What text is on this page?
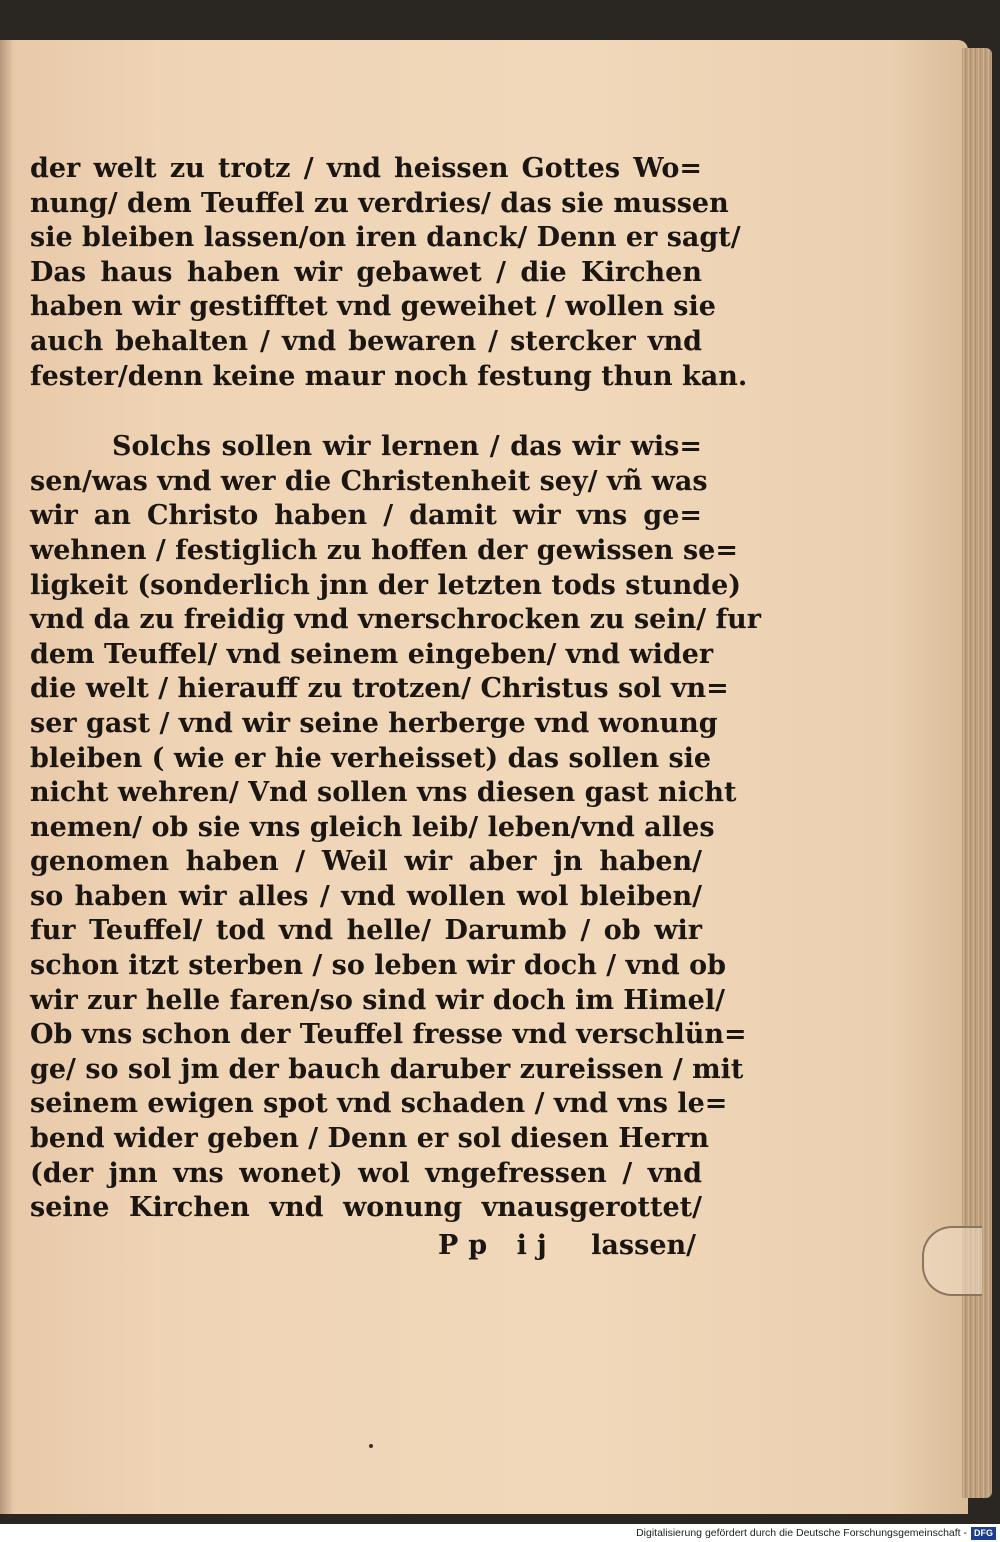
der welt zu trotz / vnd heissen Gottes Wo=
nung/ dem Teuffel zu verdries/ das sie mussen
sie bleiben lassen/on iren danck/ Denn er sagt/
Das haus haben wir gebawet / die Kirchen
haben wir gestifftet vnd geweihet / wollen sie
auch behalten / vnd bewaren / stercker vnd
fester/denn keine maur noch festung thun kan.
Solchs sollen wir lernen / das wir wis=
sen/was vnd wer die Christenheit sey/ vñ was
wir an Christo haben / damit wir vns ge=
wehnen / festiglich zu hoffen der gewissen se=
ligkeit (sonderlich jnn der letzten tods stunde)
vnd da zu freidig vnd vnerschrocken zu sein/ fur
dem Teuffel/ vnd seinem eingeben/ vnd wider
die welt / hierauff zu trotzen/ Christus sol vn=
ser gast / vnd wir seine herberge vnd wonung
bleiben ( wie er hie verheisset) das sollen sie
nicht wehren/ Vnd sollen vns diesen gast nicht
nemen/ ob sie vns gleich leib/ leben/vnd alles
genomen haben / Weil wir aber jn haben/
so haben wir alles / vnd wollen wol bleiben/
fur Teuffel/ tod vnd helle/ Darumb / ob wir
schon itzt sterben / so leben wir doch / vnd ob
wir zur helle faren/so sind wir doch im Himel/
Ob vns schon der Teuffel fresse vnd verschlün=
ge/ so sol jm der bauch daruber zureissen / mit
seinem ewigen spot vnd schaden / vnd vns le=
bend wider geben / Denn er sol diesen Herrn
(der jnn vns wonet) wol vngefressen / vnd
seine Kirchen vnd wonung vnausgerottet/
Pp ij lassen/
Digitalisierung gefördert durch die Deutsche Forschungsgemeinschaft - DFG
